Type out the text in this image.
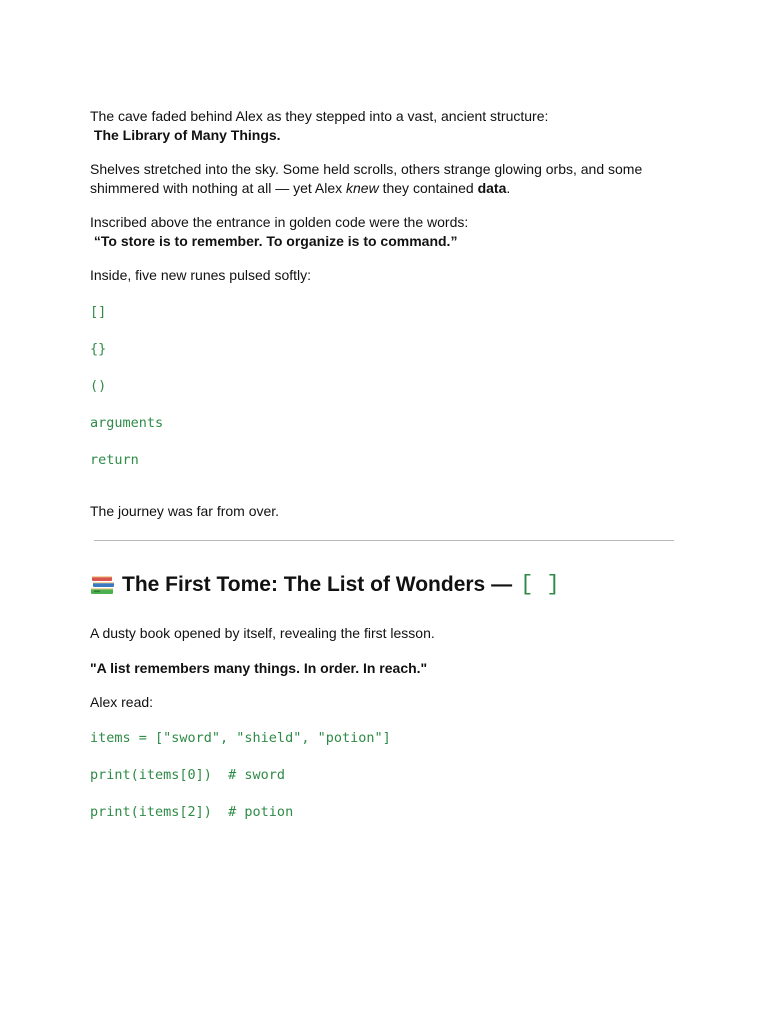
The cave faded behind Alex as they stepped into a vast, ancient structure:
The Library of Many Things.

Shelves stretched into the sky. Some held scrolls, others strange glowing orbs, and some shimmered with nothing at all — yet Alex knew they contained data.

Inscribed above the entrance in golden code were the words:
“To store is to remember. To organize is to command.”

Inside, five new runes pulsed softly:

[]
{}
()
arguments
return

The journey was far from over.

The First Tome: The List of Wonders — [ ]

A dusty book opened by itself, revealing the first lesson.

"A list remembers many things. In order. In reach."

Alex read:

items = ["sword", "shield", "potion"]
print(items[0])  # sword
print(items[2])  # potion
